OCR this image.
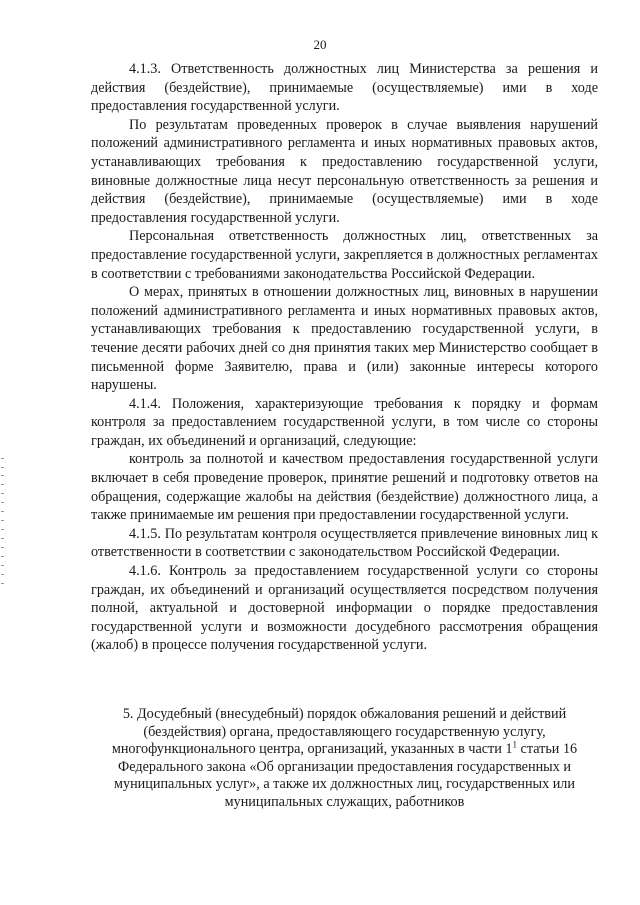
20

4.1.3. Ответственность должностных лиц Министерства за решения и действия (бездействие), принимаемые (осуществляемые) ими в ходе предоставления государственной услуги.

По результатам проведенных проверок в случае выявления нарушений положений административного регламента и иных нормативных правовых актов, устанавливающих требования к предоставлению государственной услуги, виновные должностные лица несут персональную ответственность за решения и действия (бездействие), принимаемые (осуществляемые) ими в ходе предоставления государственной услуги.

Персональная ответственность должностных лиц, ответственных за предоставление государственной услуги, закрепляется в должностных регламентах в соответствии с требованиями законодательства Российской Федерации.

О мерах, принятых в отношении должностных лиц, виновных в нарушении положений административного регламента и иных нормативных правовых актов, устанавливающих требования к предоставлению государственной услуги, в течение десяти рабочих дней со дня принятия таких мер Министерство сообщает в письменной форме Заявителю, права и (или) законные интересы которого нарушены.

4.1.4. Положения, характеризующие требования к порядку и формам контроля за предоставлением государственной услуги, в том числе со стороны граждан, их объединений и организаций, следующие:

контроль за полнотой и качеством предоставления государственной услуги включает в себя проведение проверок, принятие решений и подготовку ответов на обращения, содержащие жалобы на действия (бездействие) должностного лица, а также принимаемые им решения при предоставлении государственной услуги.

4.1.5. По результатам контроля осуществляется привлечение виновных лиц к ответственности в соответствии с законодательством Российской Федерации.

4.1.6. Контроль за предоставлением государственной услуги со стороны граждан, их объединений и организаций осуществляется посредством получения полной, актуальной и достоверной информации о порядке предоставления государственной услуги и возможности досудебного рассмотрения обращения (жалоб) в процессе получения государственной услуги.

5. Досудебный (внесудебный) порядок обжалования решений и действий (бездействия) органа, предоставляющего государственную услугу, многофункционального центра, организаций, указанных в части $1^1$ статьи 16 Федерального закона «Об организации предоставления государственных и муниципальных услуг», а также их должностных лиц, государственных или муниципальных служащих, работников
